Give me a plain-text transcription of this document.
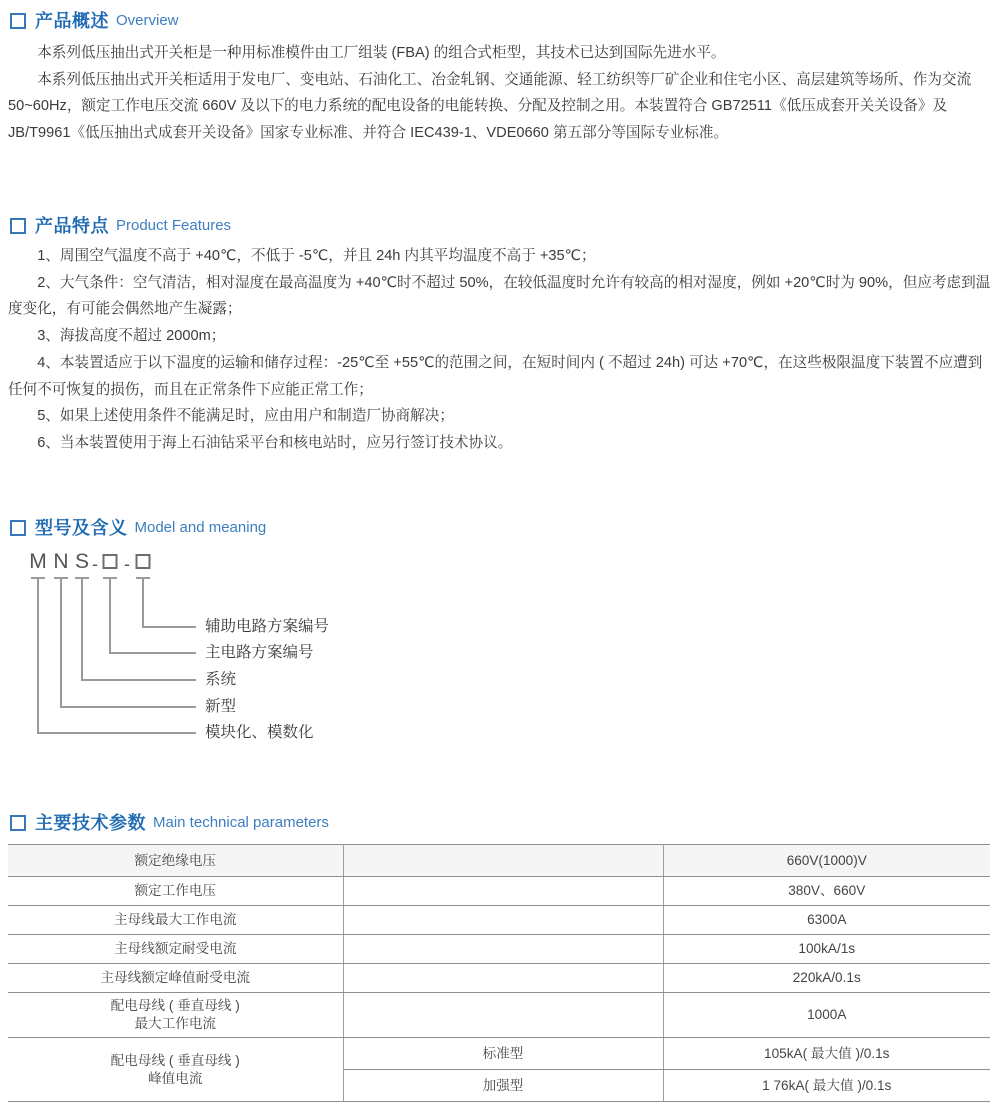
产品概述 Overview

本系列低压抽出式开关柜是一种用标准模件由工厂组装 (FBA) 的组合式柜型，其技术已达到国际先进水平。

本系列低压抽出式开关柜适用于发电厂、变电站、石油化工、冶金轧钢、交通能源、轻工纺织等厂矿企业和住宅小区、高层建筑等场所、作为交流 50~60Hz，额定工作电压交流 660V 及以下的电力系统的配电设备的电能转换、分配及控制之用。本装置符合 GB72511《低压成套开关关设备》及 JB/T9961《低压抽出式成套开关设备》国家专业标准、并符合 IEC439-1、VDE0660 第五部分等国际专业标准。

产品特点 Product Features

1、周围空气温度不高于 +40℃，不低于 -5℃，并且 24h 内其平均温度不高于 +35℃；

2、大气条件：空气清洁，相对湿度在最高温度为 +40℃时不超过 50%，在较低温度时允许有较高的相对湿度，例如 +20℃时为 90%，但应考虑到温度变化，有可能会偶然地产生凝露；

3、海拔高度不超过 2000m；

4、本装置适应于以下温度的运输和储存过程：-25℃至 +55℃的范围之间，在短时间内 ( 不超过 24h) 可达 +70℃，在这些极限温度下装置不应遭到任何不可恢复的损伤，而且在正常条件下应能正常工作；

5、如果上述使用条件不能满足时，应由用户和制造厂协商解决；

6、当本装置使用于海上石油钻采平台和核电站时，应另行签订技术协议。

型号及含义 Model and meaning
M N S - -
辅助电路方案编号
主电路方案编号
系统
新型
模块化、模数化
主要技术参数 Main technical parameters
额定绝缘电压		660V(1000)V
额定工作电压		380V、660V
主母线最大工作电流		6300A
主母线额定耐受电流		100kA/1s
主母线额定峰值耐受电流		220kA/0.1s

配电母线 ( 垂直母线 )
最大工作电流		1000A

配电母线 ( 垂直母线 )
峰值电流	标准型	105kA( 最大值 )/0.1s
	加强型	1 76kA( 最大值 )/0.1s
